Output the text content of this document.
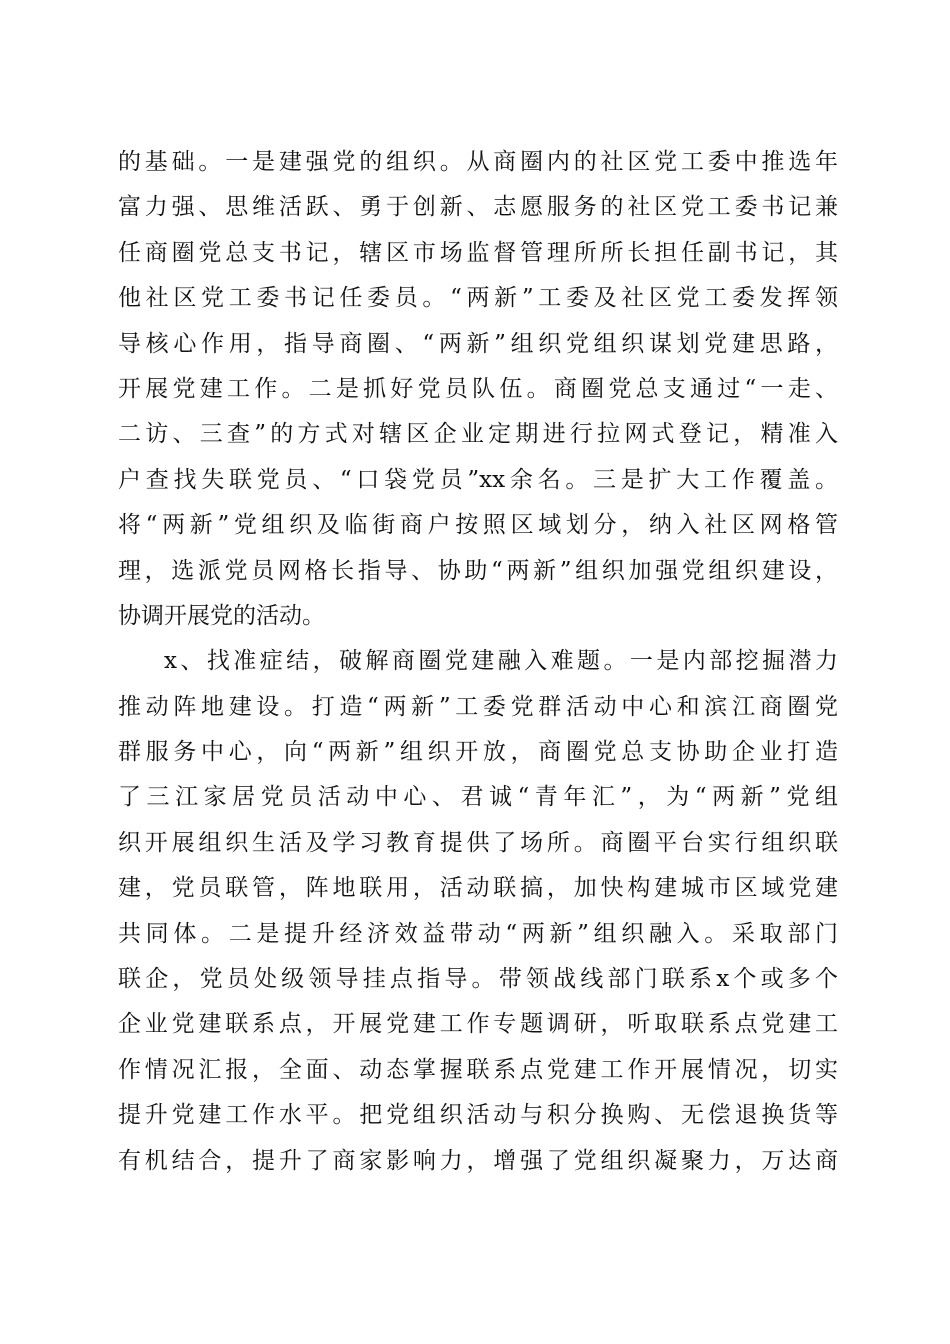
的基础。一是建强党的组织。从商圈内的社区党工委中推选年
富力强、思维活跃、勇于创新、志愿服务的社区党工委书记兼
任商圈党总支书记，辖区市场监督管理所所长担任副书记，其
他社区党工委书记任委员。“两新”工委及社区党工委发挥领
导核心作用，指导商圈、“两新”组织党组织谋划党建思路，
开展党建工作。二是抓好党员队伍。商圈党总支通过“一走、
二访、三查”的方式对辖区企业定期进行拉网式登记，精准入
户查找失联党员、“口袋党员”xx余名。三是扩大工作覆盖。
将“两新”党组织及临街商户按照区域划分，纳入社区网格管
理，选派党员网格长指导、协助“两新”组织加强党组织建设，
协调开展党的活动。
x、找准症结，破解商圈党建融入难题。一是内部挖掘潜力
推动阵地建设。打造“两新”工委党群活动中心和滨江商圈党
群服务中心，向“两新”组织开放，商圈党总支协助企业打造
了三江家居党员活动中心、君诚“青年汇”，为“两新”党组
织开展组织生活及学习教育提供了场所。商圈平台实行组织联
建，党员联管，阵地联用，活动联搞，加快构建城市区域党建
共同体。二是提升经济效益带动“两新”组织融入。采取部门
联企，党员处级领导挂点指导。带领战线部门联系x个或多个
企业党建联系点，开展党建工作专题调研，听取联系点党建工
作情况汇报，全面、动态掌握联系点党建工作开展情况，切实
提升党建工作水平。把党组织活动与积分换购、无偿退换货等
有机结合，提升了商家影响力，增强了党组织凝聚力，万达商
